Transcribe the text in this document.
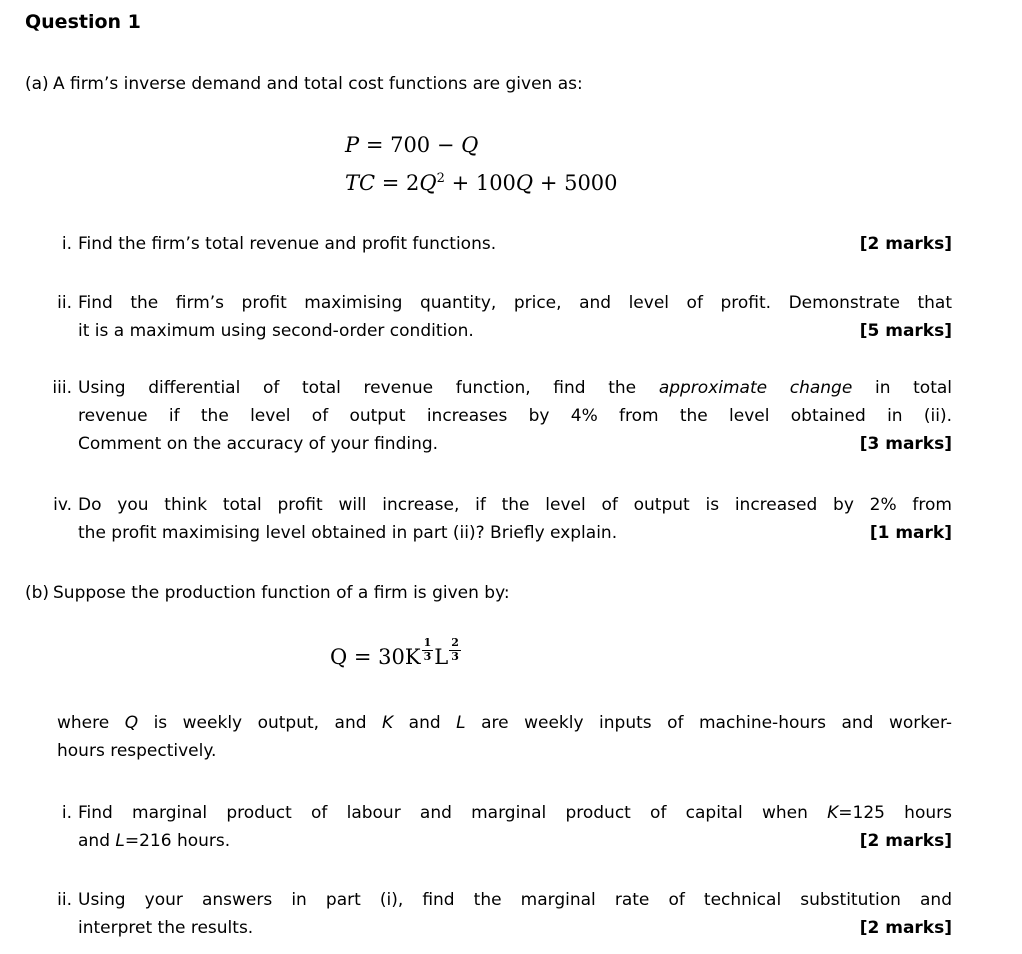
Question 1
(a) A firm’s inverse demand and total cost functions are given as:
P = 700 − Q
TC = $2Q^2 + 100Q + 5000$
i. Find the firm’s total revenue and profit functions.	[2 marks]
ii. Find the firm’s profit maximising quantity, price, and level of profit. Demonstrate that
it is a maximum using second-order condition.	[5 marks]
iii. Using differential of total revenue function, find the approximate change in total
revenue if the level of output increases by 4% from the level obtained in (ii).
Comment on the accuracy of your finding.	[3 marks]
iv. Do you think total profit will increase, if the level of output is increased by 2% from
the profit maximising level obtained in part (ii)? Briefly explain.	[1 mark]
(b) Suppose the production function of a firm is given by:
$Q = 30K \frac{1}{3}$ L $\frac{2}{3}$
where Q is weekly output, and K and L are weekly inputs of machine-hours and worker-
hours respectively.
i. Find marginal product of labour and marginal product of capital when K=125 hours
and L=216 hours.	[2 marks]
ii. Using your answers in part (i), find the marginal rate of technical substitution and
interpret the results.	[2 marks]
